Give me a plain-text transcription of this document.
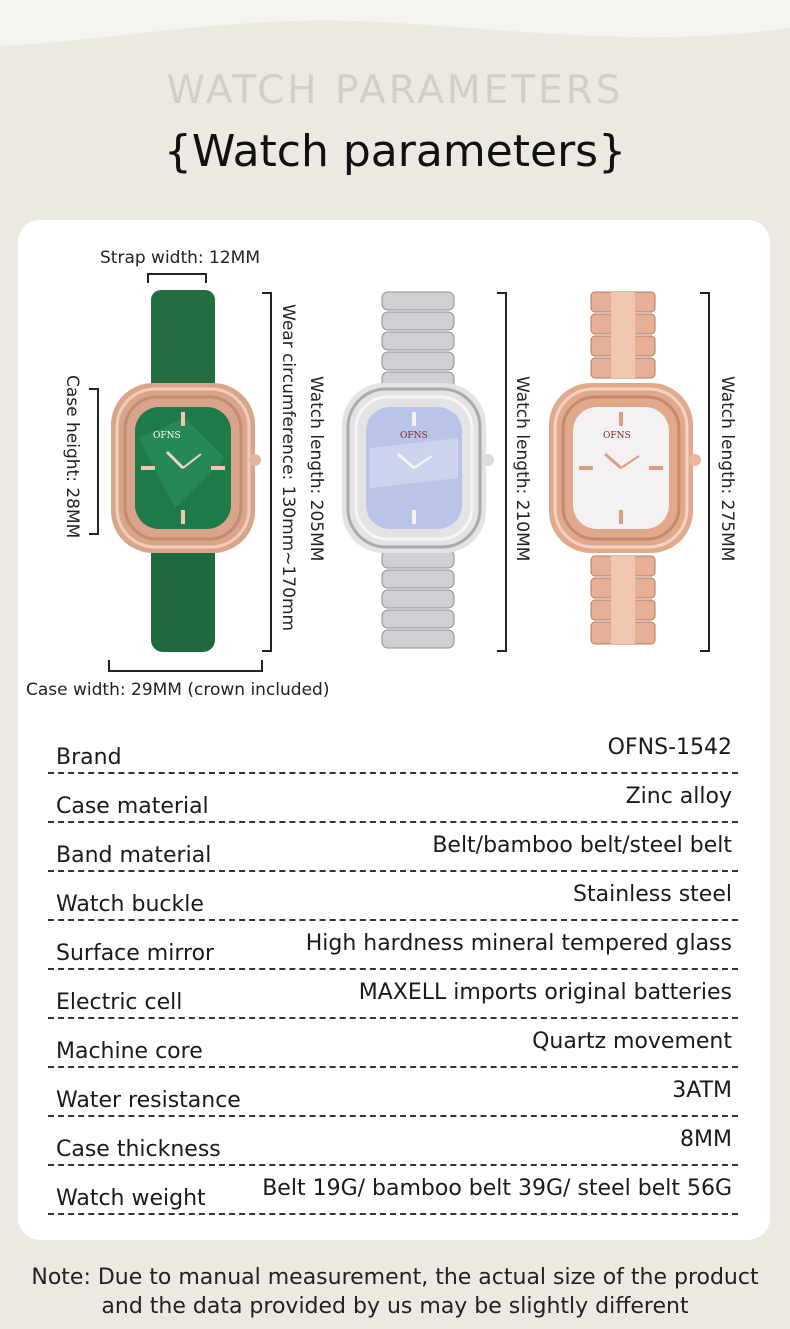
WATCH PARAMETERS
{Watch parameters}
Strap width: 12MM
Case height: 28MM
Case width: 29MM (crown included)
Wear circumference: 130mm~170mm Watch length: 205MM	Watch length: 210MM	Watch length: 275MM
OFNS	OFNS	OFNS
Brand	OFNS-1542
Case material	Zinc alloy
Band material	Belt/bamboo belt/steel belt
Watch buckle	Stainless steel
Surface mirror	High hardness mineral tempered glass
Electric cell	MAXELL imports original batteries
Machine core	Quartz movement
Water resistance	3ATM
Case thickness	8MM
Watch weight	Belt 19G/ bamboo belt 39G/ steel belt 56G
Note: Due to manual measurement, the actual size of the product
and the data provided by us may be slightly different
